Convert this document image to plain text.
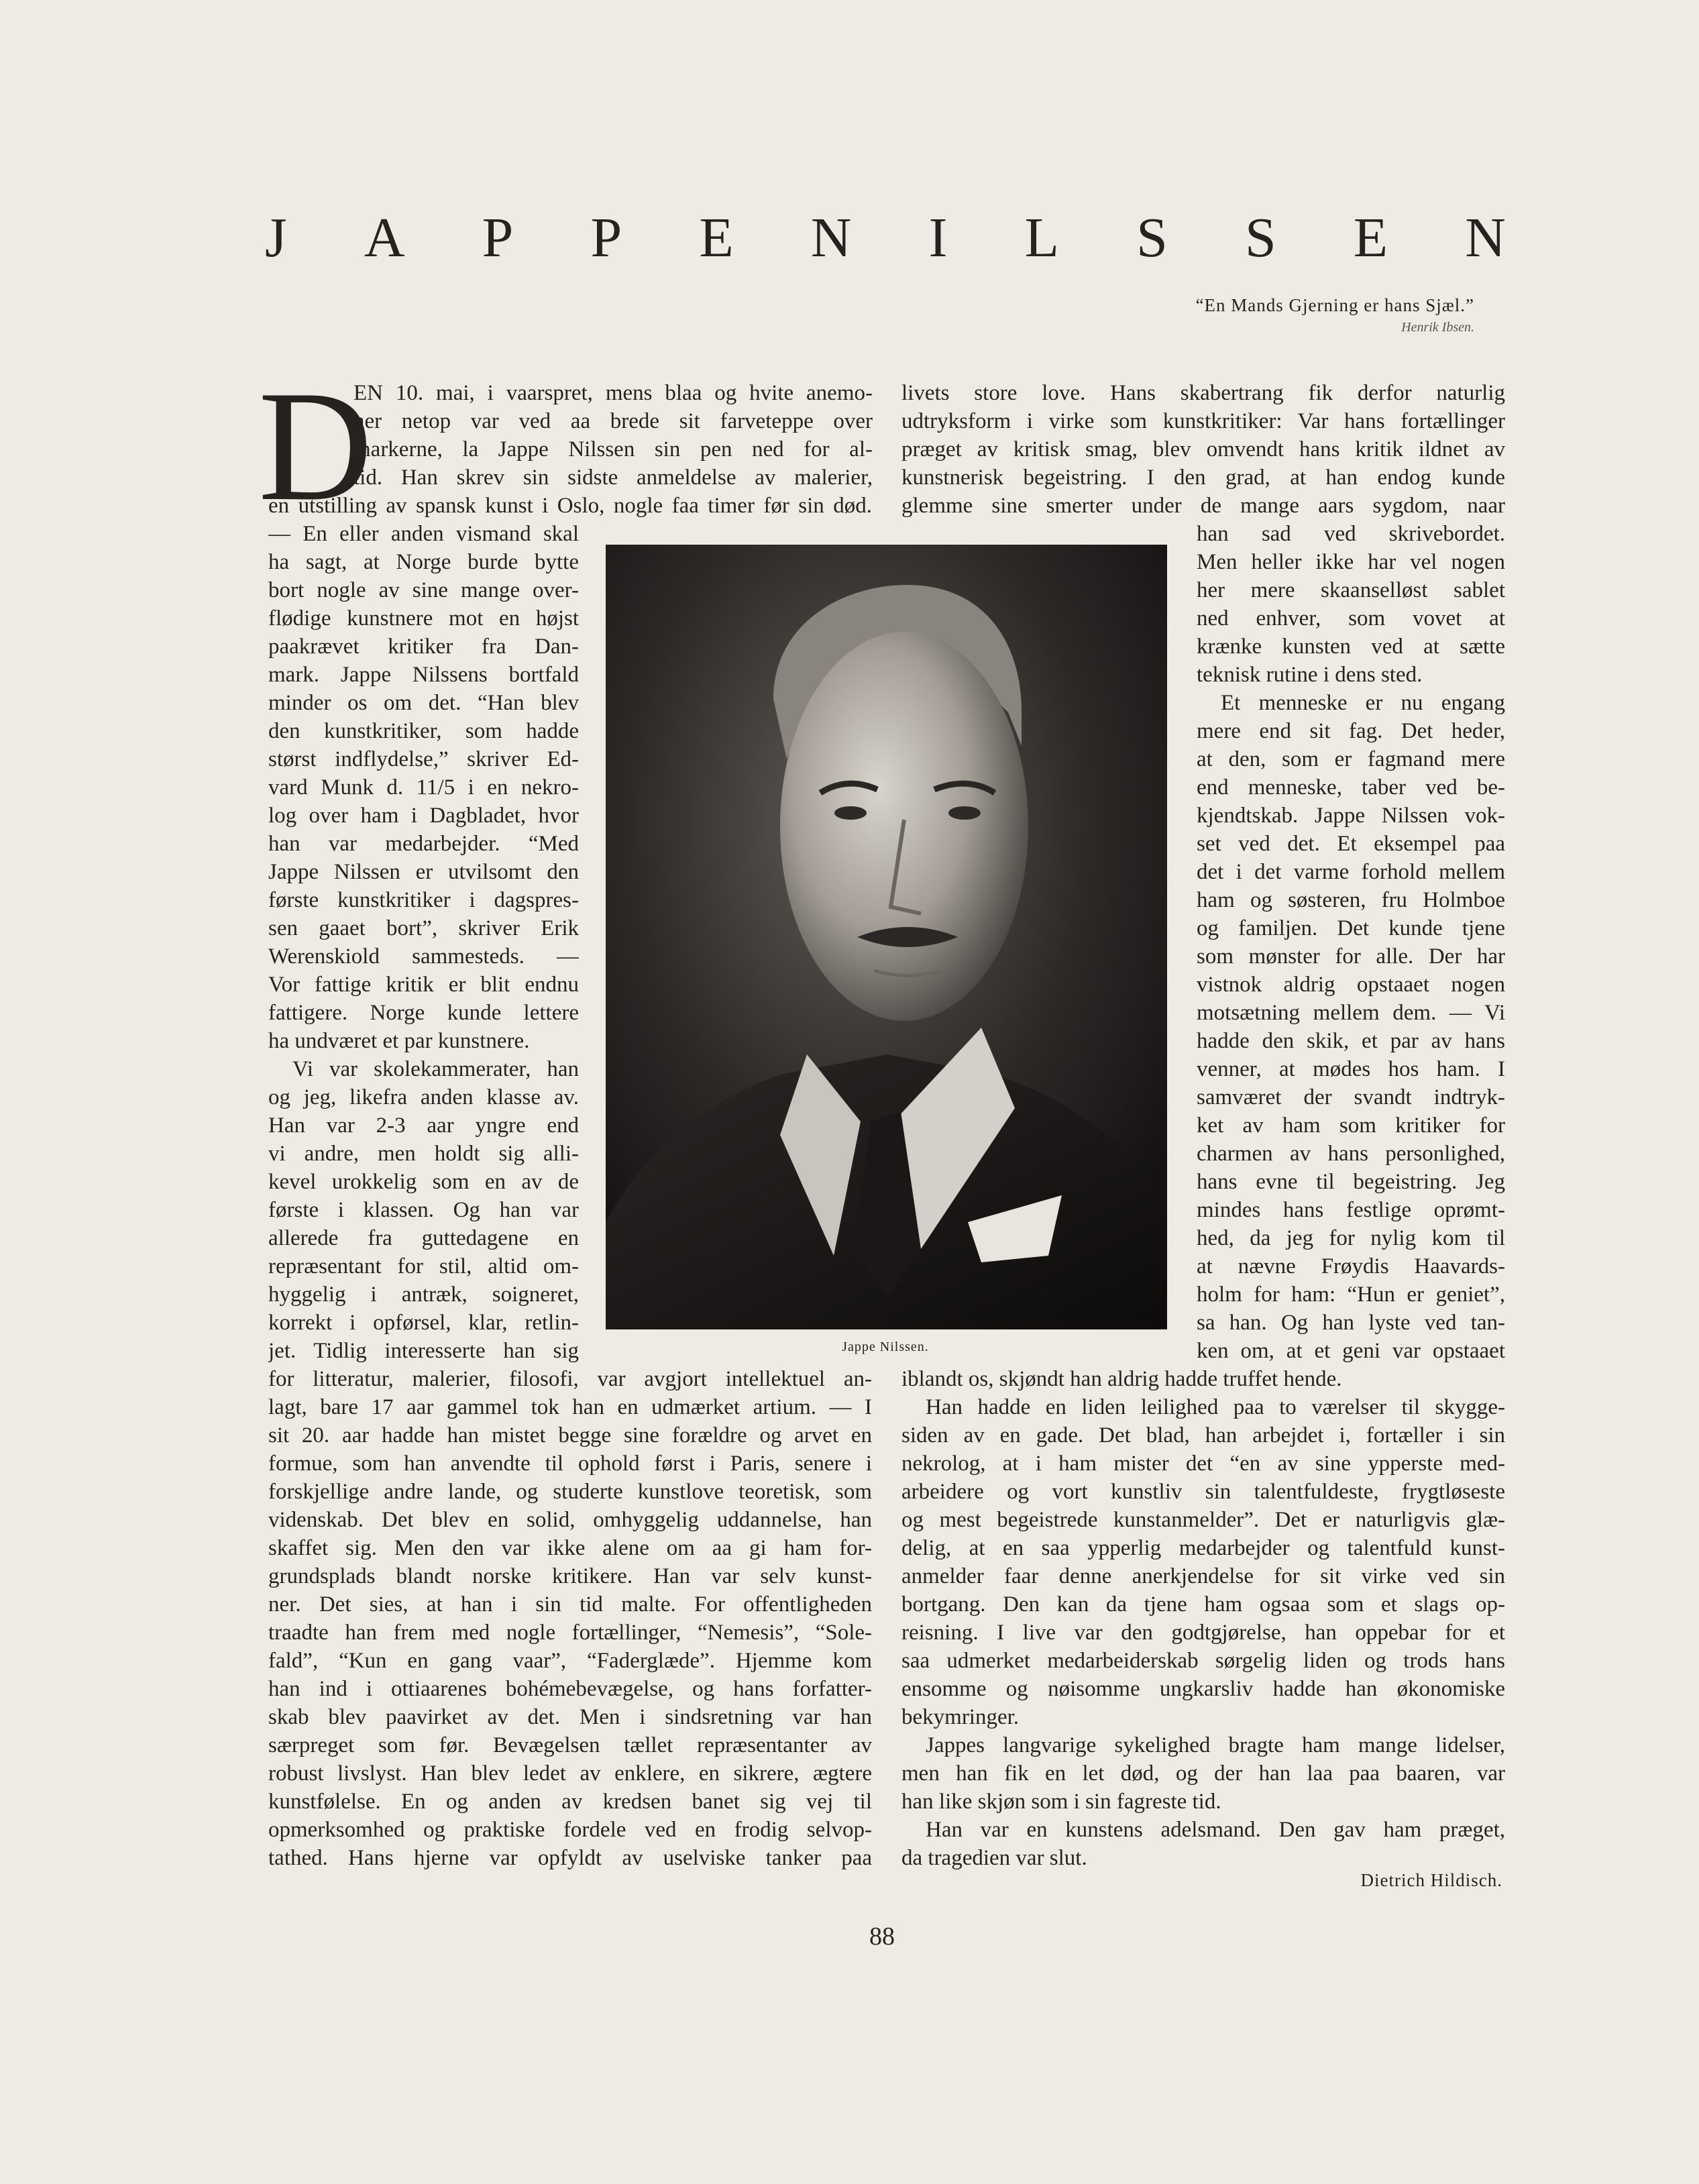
J A P P E N I L S S E N
“En Mands Gjerning er hans Sjæl.”
Henrik Ibsen.
D
EN 10. mai, i vaarspret, mens blaa og hvite anemo-
ner netop var ved aa brede sit farveteppe over
markerne, la Jappe Nilssen sin pen ned for al-
tid. Han skrev sin sidste anmeldelse av malerier,
en utstilling av spansk kunst i Oslo, nogle faa timer før sin død.
— En eller anden vismand skal
ha sagt, at Norge burde bytte
bort nogle av sine mange over-
flødige kunstnere mot en højst
paakrævet kritiker fra Dan-
mark. Jappe Nilssens bortfald
minder os om det. “Han blev
den kunstkritiker, som hadde
størst indflydelse,” skriver Ed-
vard Munk d. 11/5 i en nekro-
log over ham i Dagbladet, hvor
han var medarbejder. “Med
Jappe Nilssen er utvilsomt den
første kunstkritiker i dagspres-
sen gaaet bort”, skriver Erik
Werenskiold sammesteds. —
Vor fattige kritik er blit endnu
fattigere. Norge kunde lettere
ha undværet et par kunstnere.
Vi var skolekammerater, han
og jeg, likefra anden klasse av.
Han var 2-3 aar yngre end
vi andre, men holdt sig alli-
kevel urokkelig som en av de
første i klassen. Og han var
allerede fra guttedagene en
repræsentant for stil, altid om-
hyggelig i antræk, soigneret,
korrekt i opførsel, klar, retlin-
jet. Tidlig interesserte han sig
for litteratur, malerier, filosofi, var avgjort intellektuel an-
lagt, bare 17 aar gammel tok han en udmærket artium. — I
sit 20. aar hadde han mistet begge sine forældre og arvet en
formue, som han anvendte til ophold først i Paris, senere i
forskjellige andre lande, og studerte kunstlove teoretisk, som
videnskab. Det blev en solid, omhyggelig uddannelse, han
skaffet sig. Men den var ikke alene om aa gi ham for-
grundsplads blandt norske kritikere. Han var selv kunst-
ner. Det sies, at han i sin tid malte. For offentligheden
traadte han frem med nogle fortællinger, “Nemesis”, “Sole-
fald”, “Kun en gang vaar”, “Faderglæde”. Hjemme kom
han ind i ottiaarenes bohémebevægelse, og hans forfatter-
skab blev paavirket av det. Men i sindsretning var han
særpreget som før. Bevægelsen tællet repræsentanter av
robust livslyst. Han blev ledet av enklere, en sikrere, ægtere
kunstfølelse. En og anden av kredsen banet sig vej til
opmerksomhed og praktiske fordele ved en frodig selvop-
tathed. Hans hjerne var opfyldt av uselviske tanker paa
livets store love. Hans skabertrang fik derfor naturlig
udtryksform i virke som kunstkritiker: Var hans fortællinger
præget av kritisk smag, blev omvendt hans kritik ildnet av
kunstnerisk begeistring. I den grad, at han endog kunde
glemme sine smerter under de mange aars sygdom, naar
han sad ved skrivebordet.
Men heller ikke har vel nogen
her mere skaanselløst sablet
ned enhver, som vovet at
krænke kunsten ved at sætte
teknisk rutine i dens sted.
Et menneske er nu engang
mere end sit fag. Det heder,
at den, som er fagmand mere
end menneske, taber ved be-
kjendtskab. Jappe Nilssen vok-
set ved det. Et eksempel paa
det i det varme forhold mellem
ham og søsteren, fru Holmboe
og familjen. Det kunde tjene
som mønster for alle. Der har
vistnok aldrig opstaaet nogen
motsætning mellem dem. — Vi
hadde den skik, et par av hans
venner, at mødes hos ham. I
samværet der svandt indtryk-
ket av ham som kritiker for
charmen av hans personlighed,
hans evne til begeistring. Jeg
mindes hans festlige oprømt-
hed, da jeg for nylig kom til
at nævne Frøydis Haavards-
holm for ham: “Hun er geniet”,
sa han. Og han lyste ved tan-
ken om, at et geni var opstaaet
iblandt os, skjøndt han aldrig hadde truffet hende.
Han hadde en liden leilighed paa to værelser til skygge-
siden av en gade. Det blad, han arbejdet i, fortæller i sin
nekrolog, at i ham mister det “en av sine ypperste med-
arbeidere og vort kunstliv sin talentfuldeste, frygtløseste
og mest begeistrede kunstanmelder”. Det er naturligvis glæ-
delig, at en saa ypperlig medarbejder og talentfuld kunst-
anmelder faar denne anerkjendelse for sit virke ved sin
bortgang. Den kan da tjene ham ogsaa som et slags op-
reisning. I live var den godtgjørelse, han oppebar for et
saa udmerket medarbeiderskab sørgelig liden og trods hans
ensomme og nøisomme ungkarsliv hadde han økonomiske
bekymringer.
Jappes langvarige sykelighed bragte ham mange lidelser,
men han fik en let død, og der han laa paa baaren, var
han like skjøn som i sin fagreste tid.
Han var en kunstens adelsmand. Den gav ham præget,
da tragedien var slut.
Dietrich Hildisch.
Jappe Nilssen.
88
